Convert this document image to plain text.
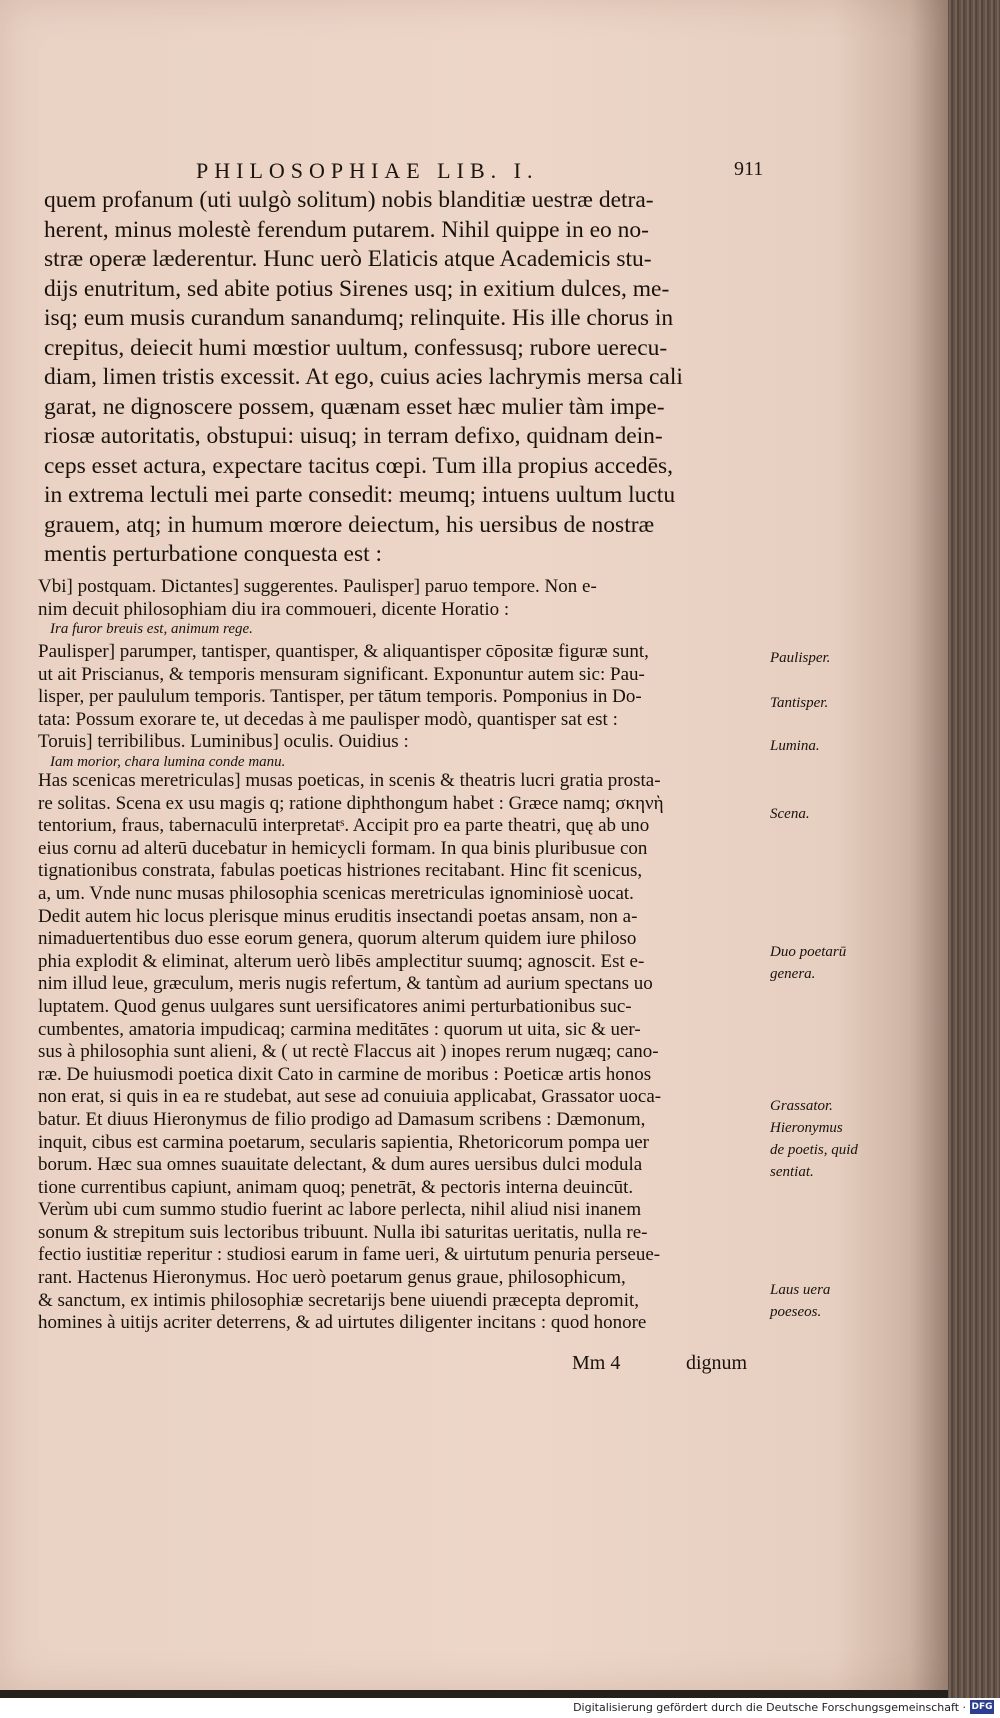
PHILOSOPHIAE LIB. I.	911
quem profanum (uti uulgò solitum) nobis blanditiæ uestræ detra-
herent, minus molestè ferendum putarem. Nihil quippe in eo no-
stræ operæ læderentur. Hunc uerò Elaticis atque Academicis stu-
dijs enutritum, sed abite potius Sirenes usq; in exitium dulces, me-
isq; eum musis curandum sanandumq; relinquite. His ille chorus in
crepitus, deiecit humi mœstior uultum, confessusq; rubore uerecu-
diam, limen tristis excessit. At ego, cuius acies lachrymis mersa cali
garat, ne dignoscere possem, quænam esset hæc mulier tàm impe-
riosæ autoritatis, obstupui: uisuq; in terram defixo, quidnam dein-
ceps esset actura, expectare tacitus cœpi. Tum illa propius accedēs,
in extrema lectuli mei parte consedit: meumq; intuens uultum luctu
grauem, atq; in humum mœrore deiectum, his uersibus de nostræ
mentis perturbatione conquesta est :
Vbi] postquam. Dictantes] suggerentes. Paulisper] paruo tempore. Non e-
nim decuit philosophiam diu ira commoueri, dicente Horatio :
Ira furor breuis est, animum rege.
Paulisper] parumper, tantisper, quantisper, & aliquantisper cōpositæ figuræ sunt,
ut ait Priscianus, & temporis mensuram significant. Exponuntur autem sic: Pau-
lisper, per paululum temporis. Tantisper, per tātum temporis. Pomponius in Do-
tata: Possum exorare te, ut decedas à me paulisper modò, quantisper sat est :
Toruis] terribilibus. Luminibus] oculis. Ouidius :
Iam morior, chara lumina conde manu.
Has scenicas meretriculas] musas poeticas, in scenis & theatris lucri gratia prosta-
re solitas. Scena ex usu magis q; ratione diphthongum habet : Græce namq; σκηνὴ
tentorium, fraus, tabernaculū interpretatˢ. Accipit pro ea parte theatri, quę ab uno
eius cornu ad alterū ducebatur in hemicycli formam. In qua binis pluribusue con
tignationibus constrata, fabulas poeticas histriones recitabant. Hinc fit scenicus,
a, um. Vnde nunc musas philosophia scenicas meretriculas ignominiosè uocat.
Dedit autem hic locus plerisque minus eruditis insectandi poetas ansam, non a-
nimaduertentibus duo esse eorum genera, quorum alterum quidem iure philoso
phia explodit & eliminat, alterum uerò libēs amplectitur suumq; agnoscit. Est e-
nim illud leue, græculum, meris nugis refertum, & tantùm ad aurium spectans uo
luptatem. Quod genus uulgares sunt uersificatores animi perturbationibus suc-
cumbentes, amatoria impudicaq; carmina meditātes : quorum ut uita, sic & uer-
sus à philosophia sunt alieni, & ( ut rectè Flaccus ait ) inopes rerum nugæq; cano-
ræ. De huiusmodi poetica dixit Cato in carmine de moribus : Poeticæ artis honos
non erat, si quis in ea re studebat, aut sese ad conuiuia applicabat, Grassator uoca-
batur. Et diuus Hieronymus de filio prodigo ad Damasum scribens : Dæmonum,
inquit, cibus est carmina poetarum, secularis sapientia, Rhetoricorum pompa uer
borum. Hæc sua omnes suauitate delectant, & dum aures uersibus dulci modula
tione currentibus capiunt, animam quoq; penetrāt, & pectoris interna deuincūt.
Verùm ubi cum summo studio fuerint ac labore perlecta, nihil aliud nisi inanem
sonum & strepitum suis lectoribus tribuunt. Nulla ibi saturitas ueritatis, nulla re-
fectio iustitiæ reperitur : studiosi earum in fame ueri, & uirtutum penuria perseue-
rant. Hactenus Hieronymus. Hoc uerò poetarum genus graue, philosophicum,
& sanctum, ex intimis philosophiæ secretarijs bene uiuendi præcepta depromit,
homines à uitijs acriter deterrens, & ad uirtutes diligenter incitans : quod honore
Paulisper.
Tantisper.
Lumina.
Scena.
Duo poetarū
genera.
Grassator.
Hieronymus
de poetis, quid
sentiat.
Laus uera
poeseos.
Mm 4	dignum
Digitalisierung gefördert durch die Deutsche Forschungsgemeinschaft · DFG
